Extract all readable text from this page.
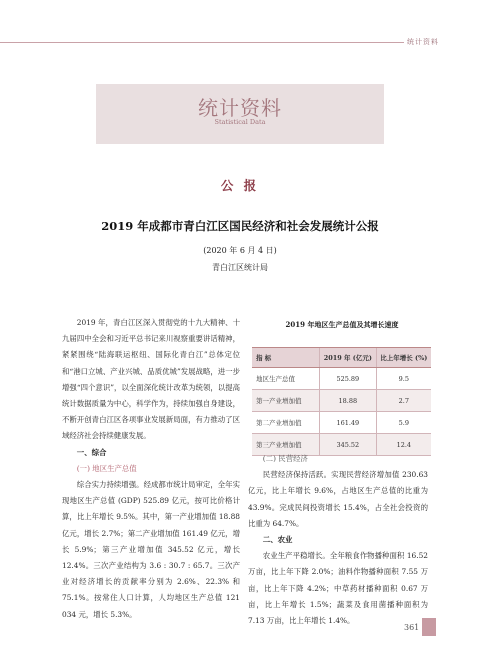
统计资料
统计资料
Statistical Data
公 报
2019 年成都市青白江区国民经济和社会发展统计公报
(2020 年 6 月 4 日)
青白江区统计局

2019 年，青白江区深入贯彻党的十九大精神、十九届四中全会和习近平总书记来川视察重要讲话精神，紧紧围绕“陆海联运枢纽、国际化青白江”总体定位和“港口立城、产业兴城、品质优城”发展战略，进一步增强“四个意识”，以全面深化统计改革为统领，以提高统计数据质量为中心，科学作为，持续加强自身建设，不断开创青白江区各项事业发展新局面，有力推动了区域经济社会持续健康发展。

一、综合

(一) 地区生产总值

综合实力持续增强。经成都市统计局审定，全年实现地区生产总值 (GDP) 525.89 亿元，按可比价格计算，比上年增长 9.5%。其中，第一产业增加值 18.88 亿元，增长 2.7%；第二产业增加值 161.49 亿元，增长 5.9%；第三产业增加值 345.52 亿元，增长 12.4%。三次产业结构为 3.6 : 30.7 : 65.7。三次产业对经济增长的贡献率分别为 2.6%、22.3% 和 75.1%。按常住人口计算，人均地区生产总值 121 034 元，增长 5.3%。

2019 年地区生产总值及其增长速度
指 标	2019 年 (亿元)	比上年增长 (%)
地区生产总值	525.89	9.5
第一产业增加值	18.88	2.7
第二产业增加值	161.49	5.9
第三产业增加值	345.52	12.4

(二) 民营经济

民营经济保持活跃。实现民营经济增加值 230.63 亿元，比上年增长 9.6%，占地区生产总值的比重为 43.9%。完成民间投资增长 15.4%，占全社会投资的比重为 64.7%。

二、农业

农业生产平稳增长。全年粮食作物播种面积 16.52 万亩，比上年下降 2.0%；油料作物播种面积 7.55 万亩，比上年下降 4.2%；中草药材播种面积 0.67 万亩，比上年增长 1.5%；蔬菜及食用菌播种面积为 7.13 万亩，比上年增长 1.4%。

361
